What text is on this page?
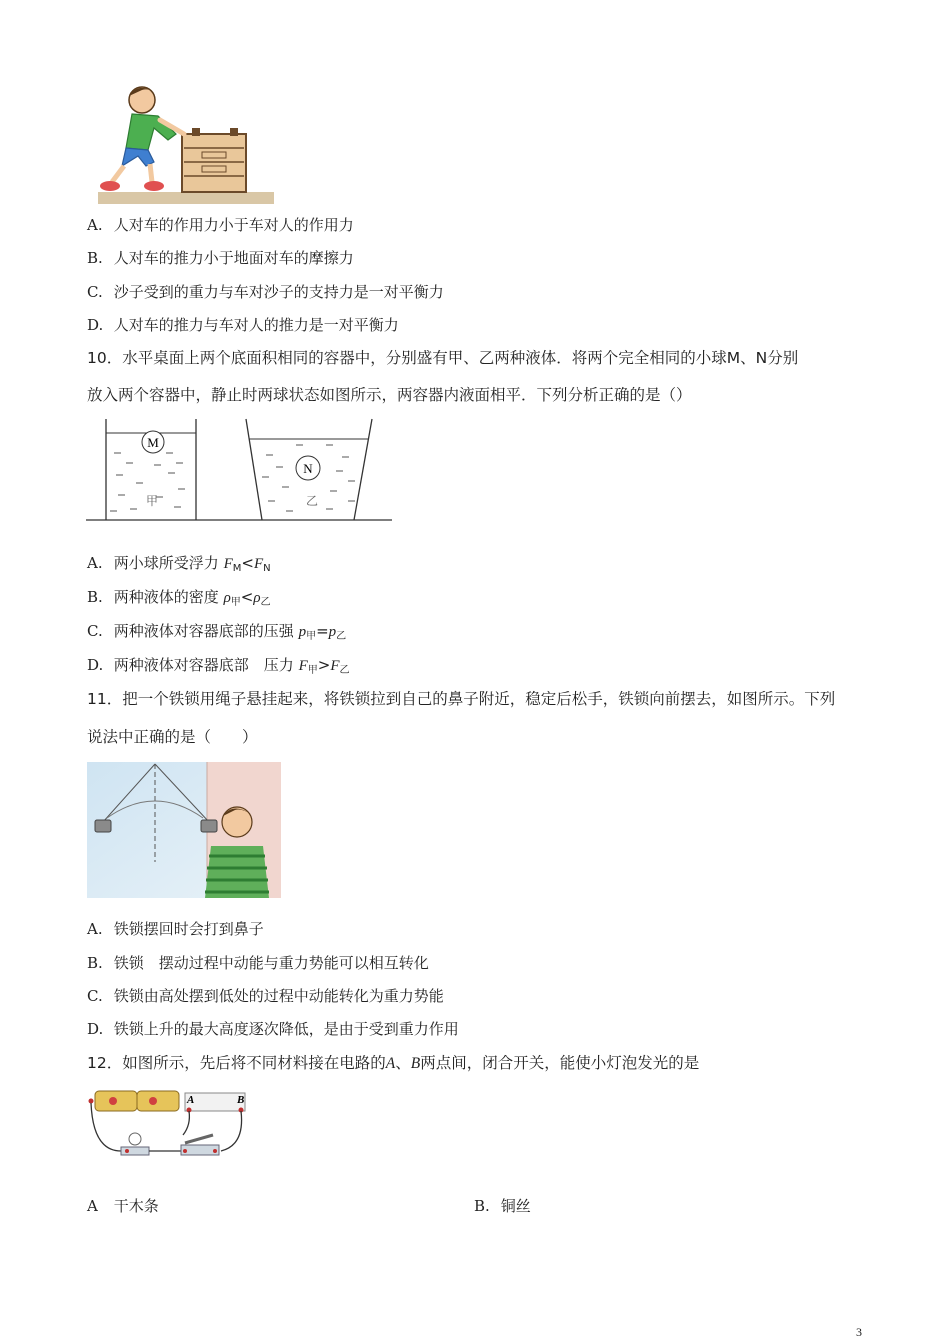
A. 人对车的作用力小于车对人的作用力
B. 人对车的推力小于地面对车的摩擦力
C. 沙子受到的重力与车对沙子的支持力是一对平衡力
D. 人对车的推力与车对人的推力是一对平衡力
10．水平桌面上两个底面积相同的容器中，分别盛有甲、乙两种液体．将两个完全相同的小球M、N分别
放入两个容器中，静止时两球状态如图所示，两容器内液面相平．下列分析正确的是（）
M
甲
N
乙
A. 两小球所受浮力 $F_M<F_N$
B. 两种液体的密度 $\rho_甲<\rho_乙$
C. 两种液体对容器底部的压强 $p_甲=p_乙$
D. 两种液体对容器底部　压力 $F_甲>F_乙$
11．把一个铁锁用绳子悬挂起来，将铁锁拉到自己的鼻子附近，稳定后松手，铁锁向前摆去，如图所示。下列
说法中正确的是（　　）
A. 铁锁摆回时会打到鼻子
B. 铁锁　摆动过程中动能与重力势能可以相互转化
C. 铁锁由高处摆到低处的过程中动能转化为重力势能
D. 铁锁上升的最大高度逐次降低，是由于受到重力作用
12．如图所示，先后将不同材料接在电路的A、B两点间，闭合开关，能使小灯泡发光的是
A	B
A 干木条	B. 铜丝
3
